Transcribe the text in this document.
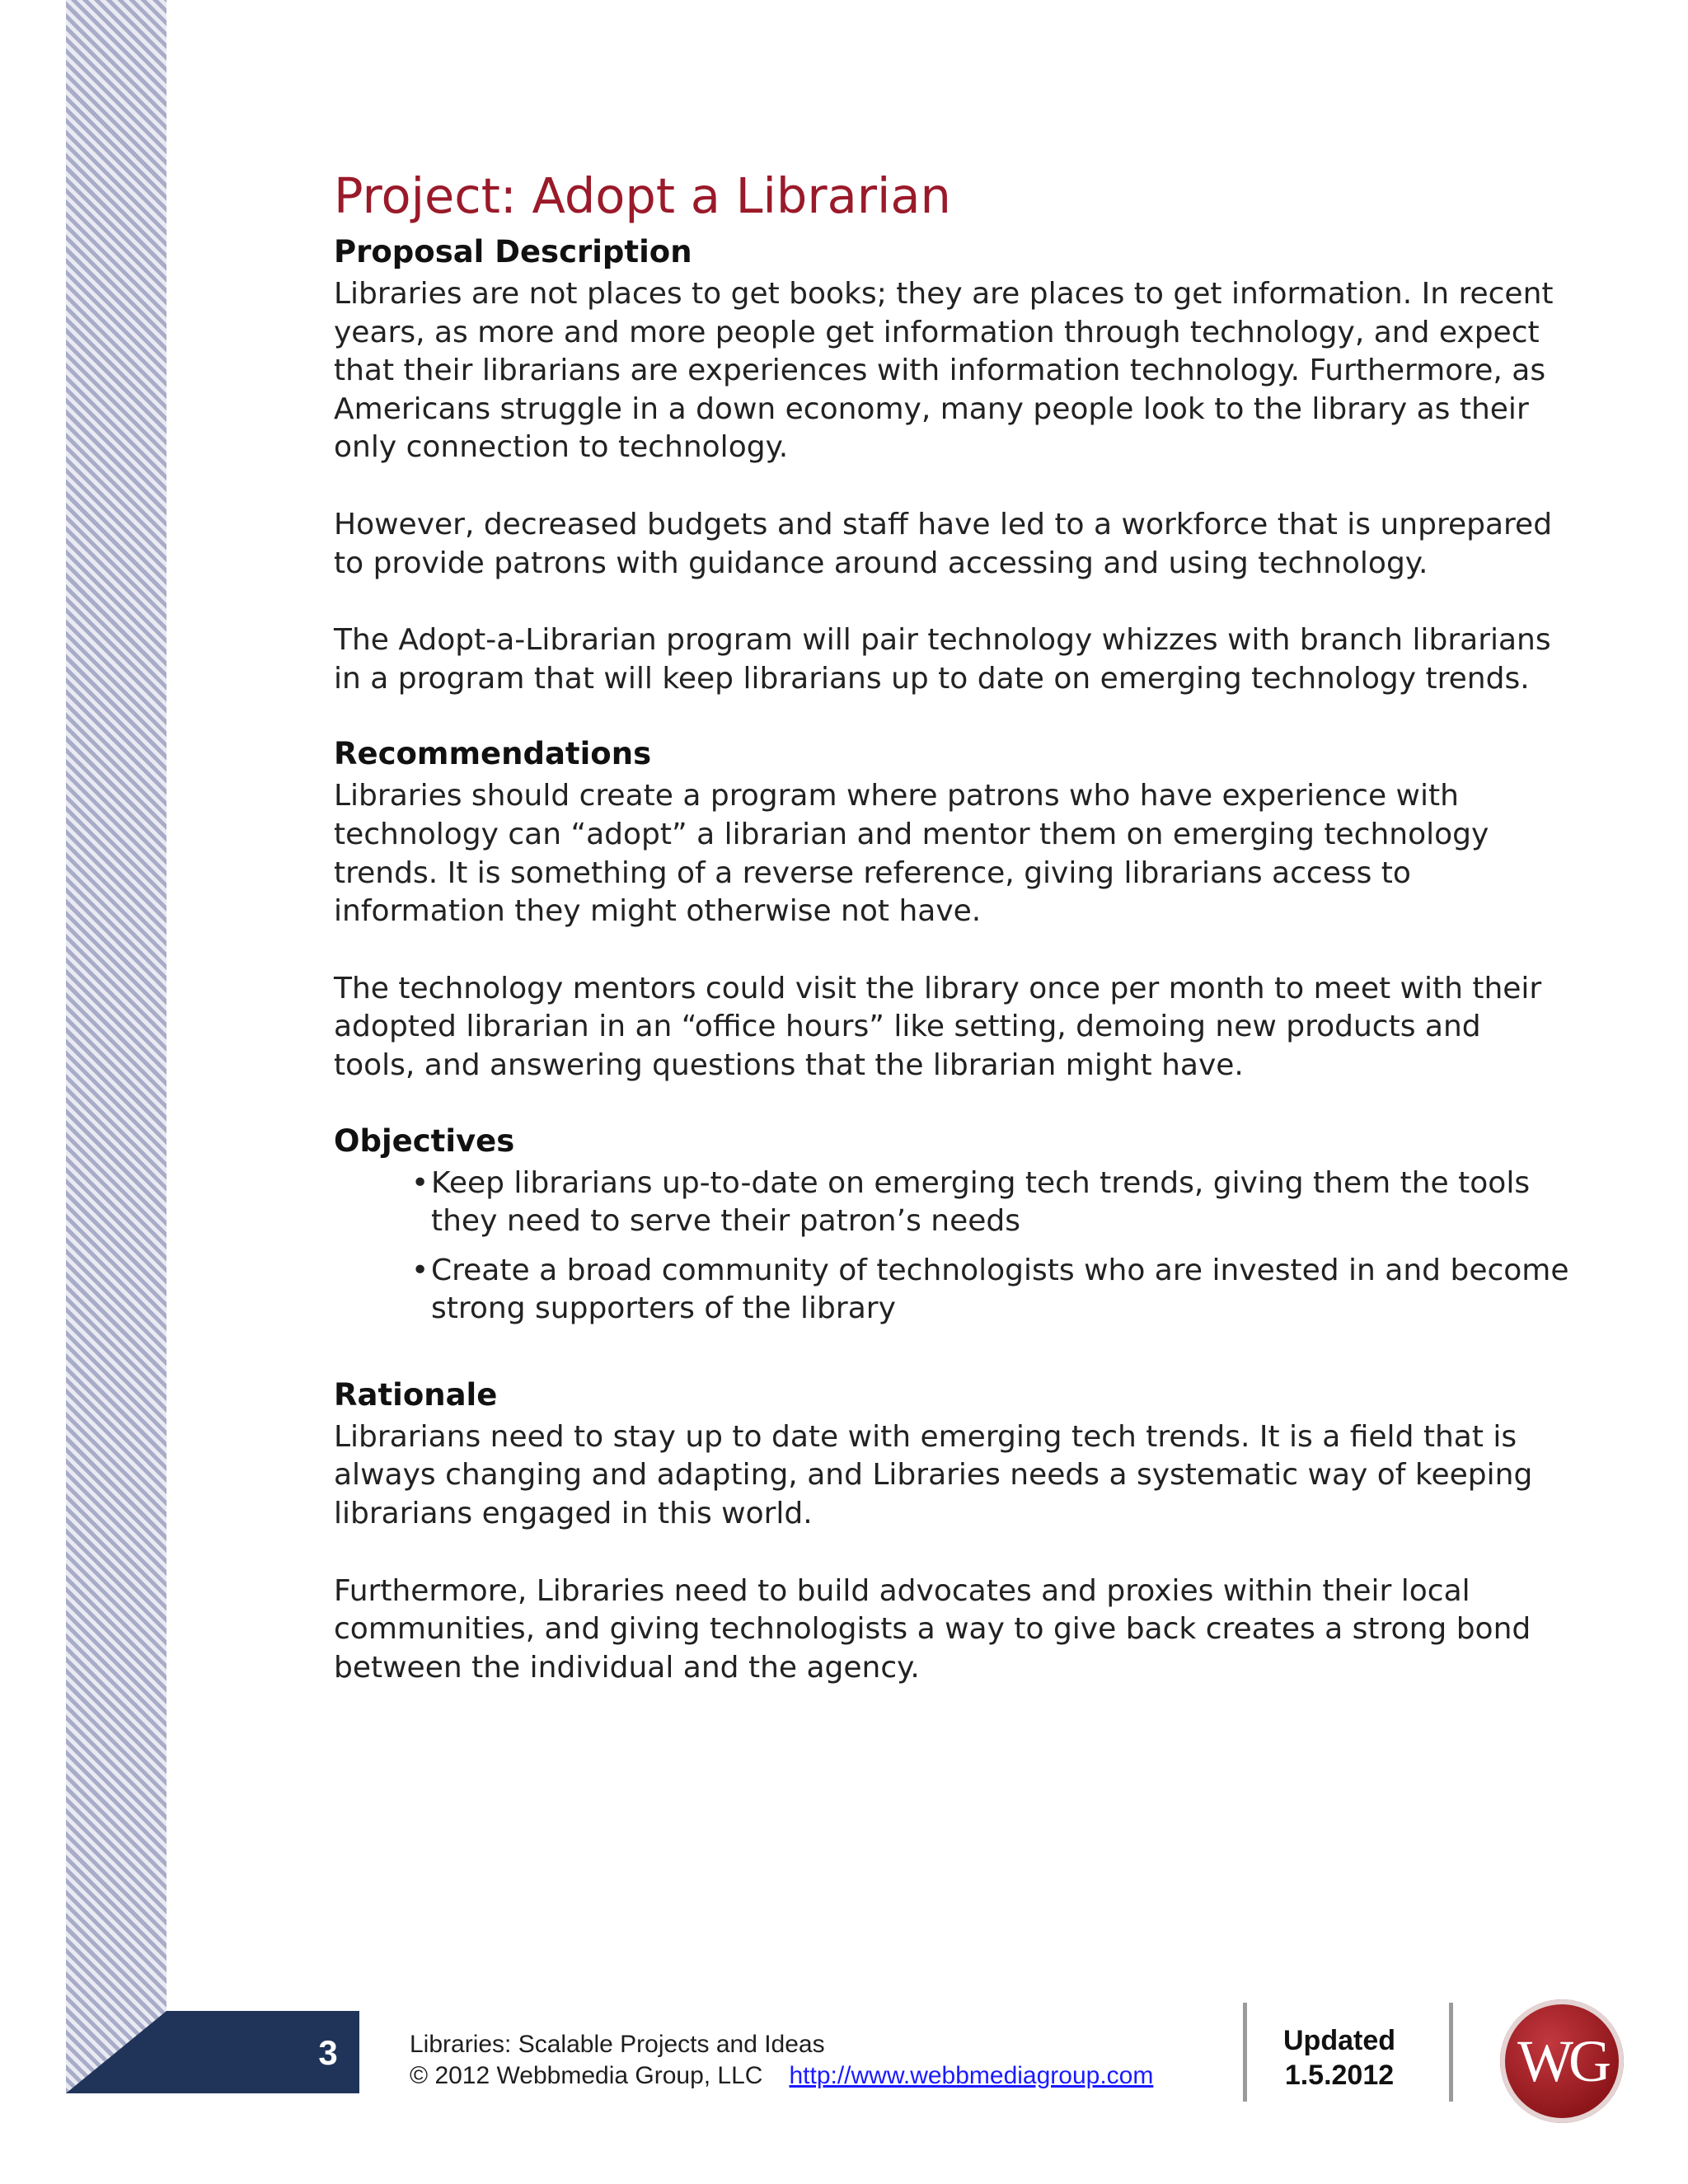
3
Project: Adopt a Librarian
Proposal Description

Libraries are not places to get books; they are places to get information. In recent years, as more and more people get information through technology, and expect that their librarians are experiences with information technology. Furthermore, as Americans struggle in a down economy, many people look to the library as their only connection to technology.

However, decreased budgets and staff have led to a workforce that is unprepared to provide patrons with guidance around accessing and using technology.

The Adopt-a-Librarian program will pair technology whizzes with branch librarians in a program that will keep librarians up to date on emerging technology trends.

Recommendations

Libraries should create a program where patrons who have experience with technology can “adopt” a librarian and mentor them on emerging technology trends. It is something of a reverse reference, giving librarians access to information they might otherwise not have.

The technology mentors could visit the library once per month to meet with their adopted librarian in an “office hours” like setting, demoing new products and tools, and answering questions that the librarian might have.

Objectives
• Keep librarians up-to-date on emerging tech trends, giving them the tools they need to serve their patron’s needs
• Create a broad community of technologists who are invested in and become strong supporters of the library
Rationale

Librarians need to stay up to date with emerging tech trends. It is a field that is always changing and adapting, and Libraries needs a systematic way of keeping librarians engaged in this world.

Furthermore, Libraries need to build advocates and proxies within their local communities, and giving technologists a way to give back creates a strong bond between the individual and the agency.

Libraries: Scalable Projects and Ideas
© 2012 Webbmedia Group, LLC http://www.webbmediagroup.com
Updated
1.5.2012 WG
